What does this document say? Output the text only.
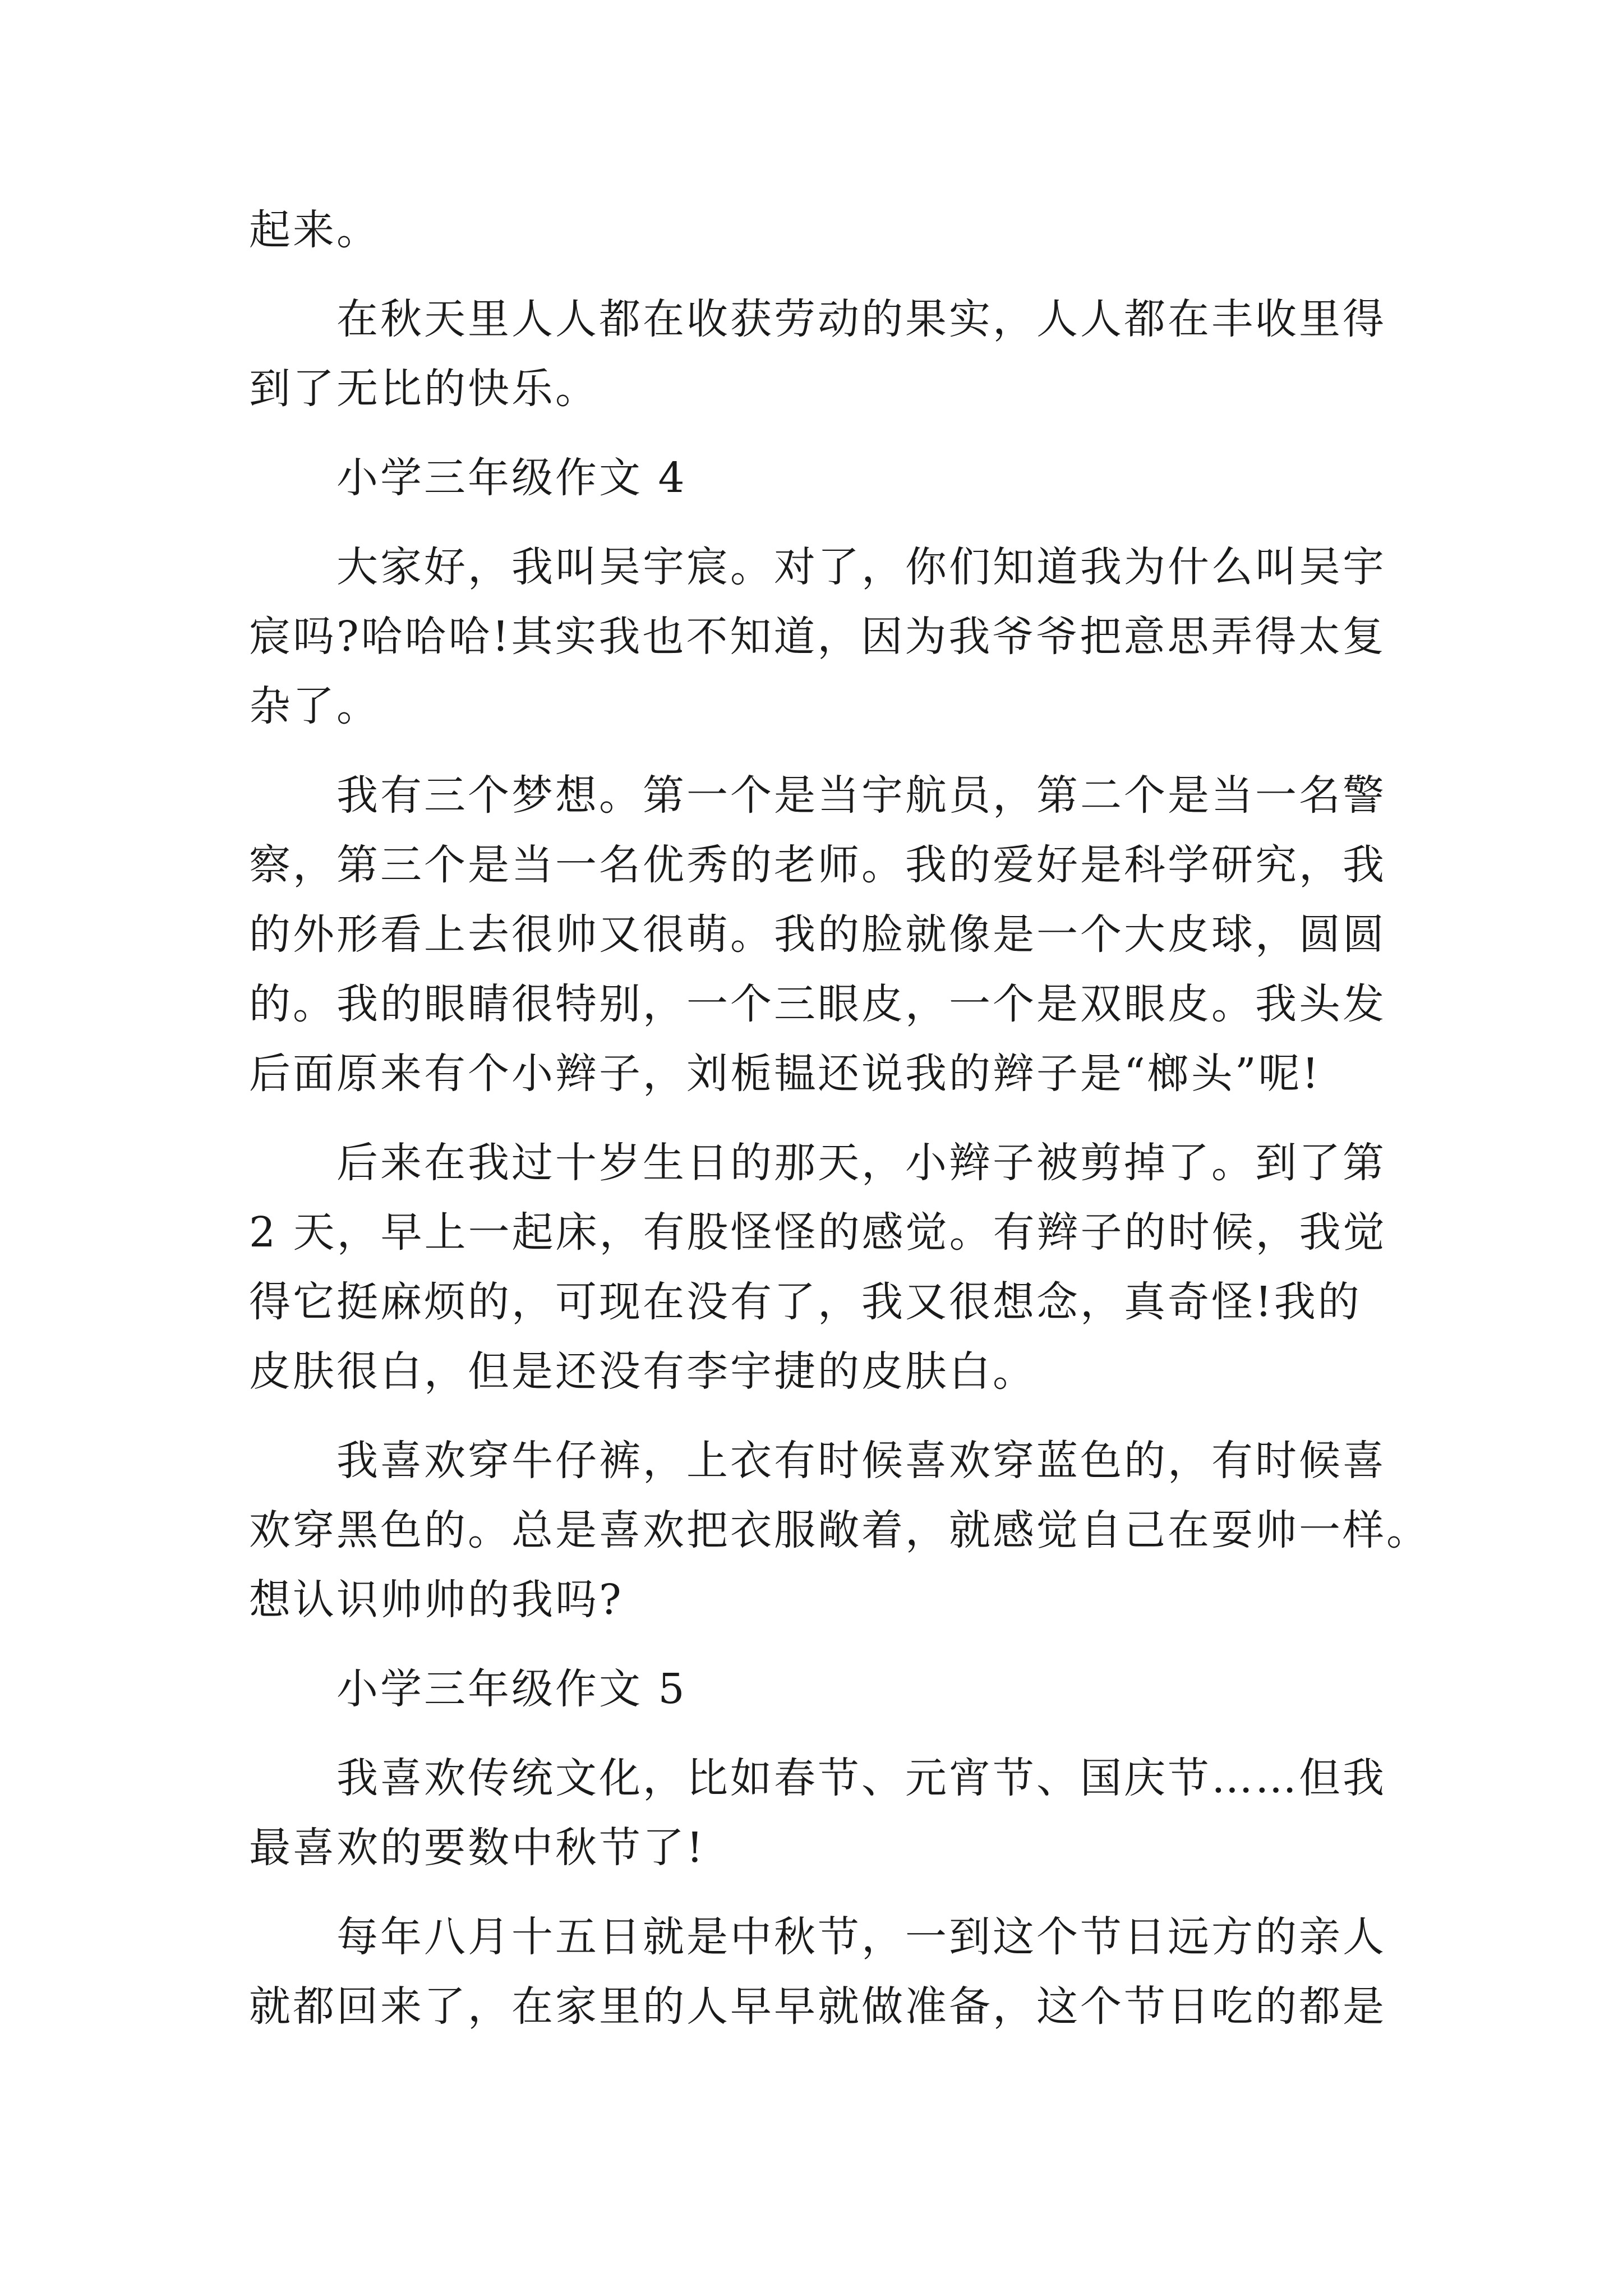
起来。

在秋天里人人都在收获劳动的果实，人人都在丰收里得
到了无比的快乐。

小学三年级作文 4

大家好，我叫吴宇宸。对了，你们知道我为什么叫吴宇
宸吗?哈哈哈!其实我也不知道，因为我爷爷把意思弄得太复
杂了。

我有三个梦想。第一个是当宇航员，第二个是当一名警
察，第三个是当一名优秀的老师。我的爱好是科学研究，我
的外形看上去很帅又很萌。我的脸就像是一个大皮球，圆圆
的。我的眼睛很特别，一个三眼皮，一个是双眼皮。我头发
后面原来有个小辫子，刘栀韫还说我的辫子是“榔头”呢!

后来在我过十岁生日的那天，小辫子被剪掉了。到了第
2 天，早上一起床，有股怪怪的感觉。有辫子的时候，我觉
得它挺麻烦的，可现在没有了，我又很想念，真奇怪!我的
皮肤很白，但是还没有李宇捷的皮肤白。

我喜欢穿牛仔裤，上衣有时候喜欢穿蓝色的，有时候喜
欢穿黑色的。总是喜欢把衣服敞着，就感觉自己在耍帅一样。
想认识帅帅的我吗?

小学三年级作文 5

我喜欢传统文化，比如春节、元宵节、国庆节……但我
最喜欢的要数中秋节了!

每年八月十五日就是中秋节，一到这个节日远方的亲人
就都回来了，在家里的人早早就做准备，这个节日吃的都是
